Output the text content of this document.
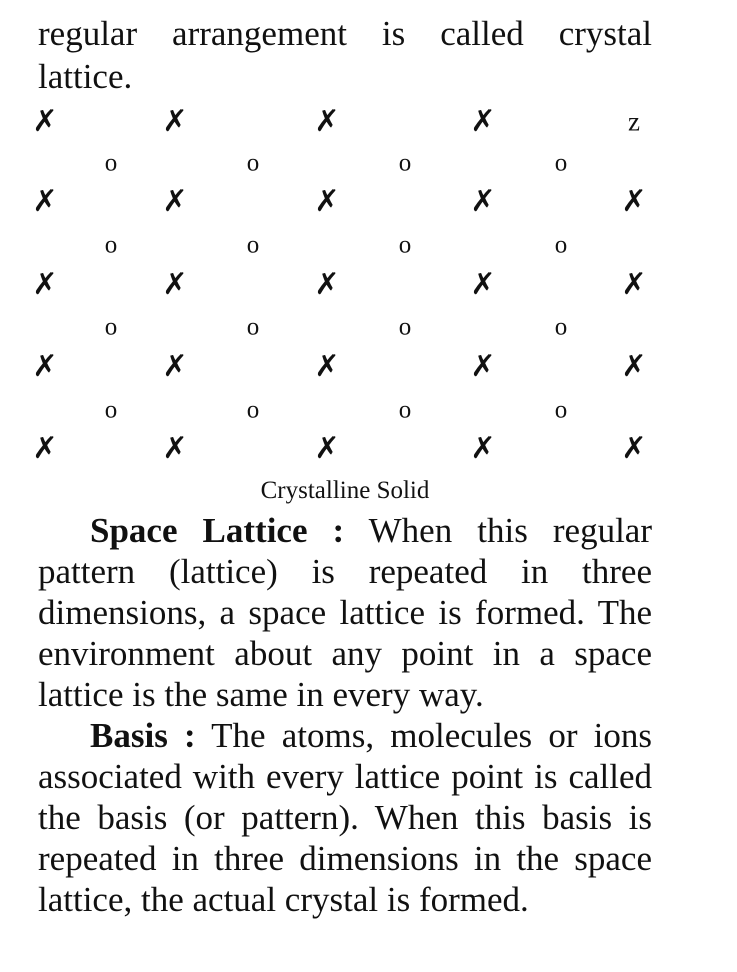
regular arrangement is called crystal
lattice.

✗	✗	✗	✗	z
o	o	o	o
✗	✗	✗	✗	✗
o	o	o	o
✗	✗	✗	✗	✗
o	o	o	o
✗	✗	✗	✗	✗
o	o	o	o
✗	✗	✗	✗	✗

Crystalline Solid

Space Lattice : When this regular pattern (lattice) is repeated in three dimensions, a space lattice is formed. The environment about any point in a space lattice is the same in every way.

Basis : The atoms, molecules or ions associated with every lattice point is called the basis (or pattern). When this basis is repeated in three dimensions in the space lattice, the actual crystal is formed.
